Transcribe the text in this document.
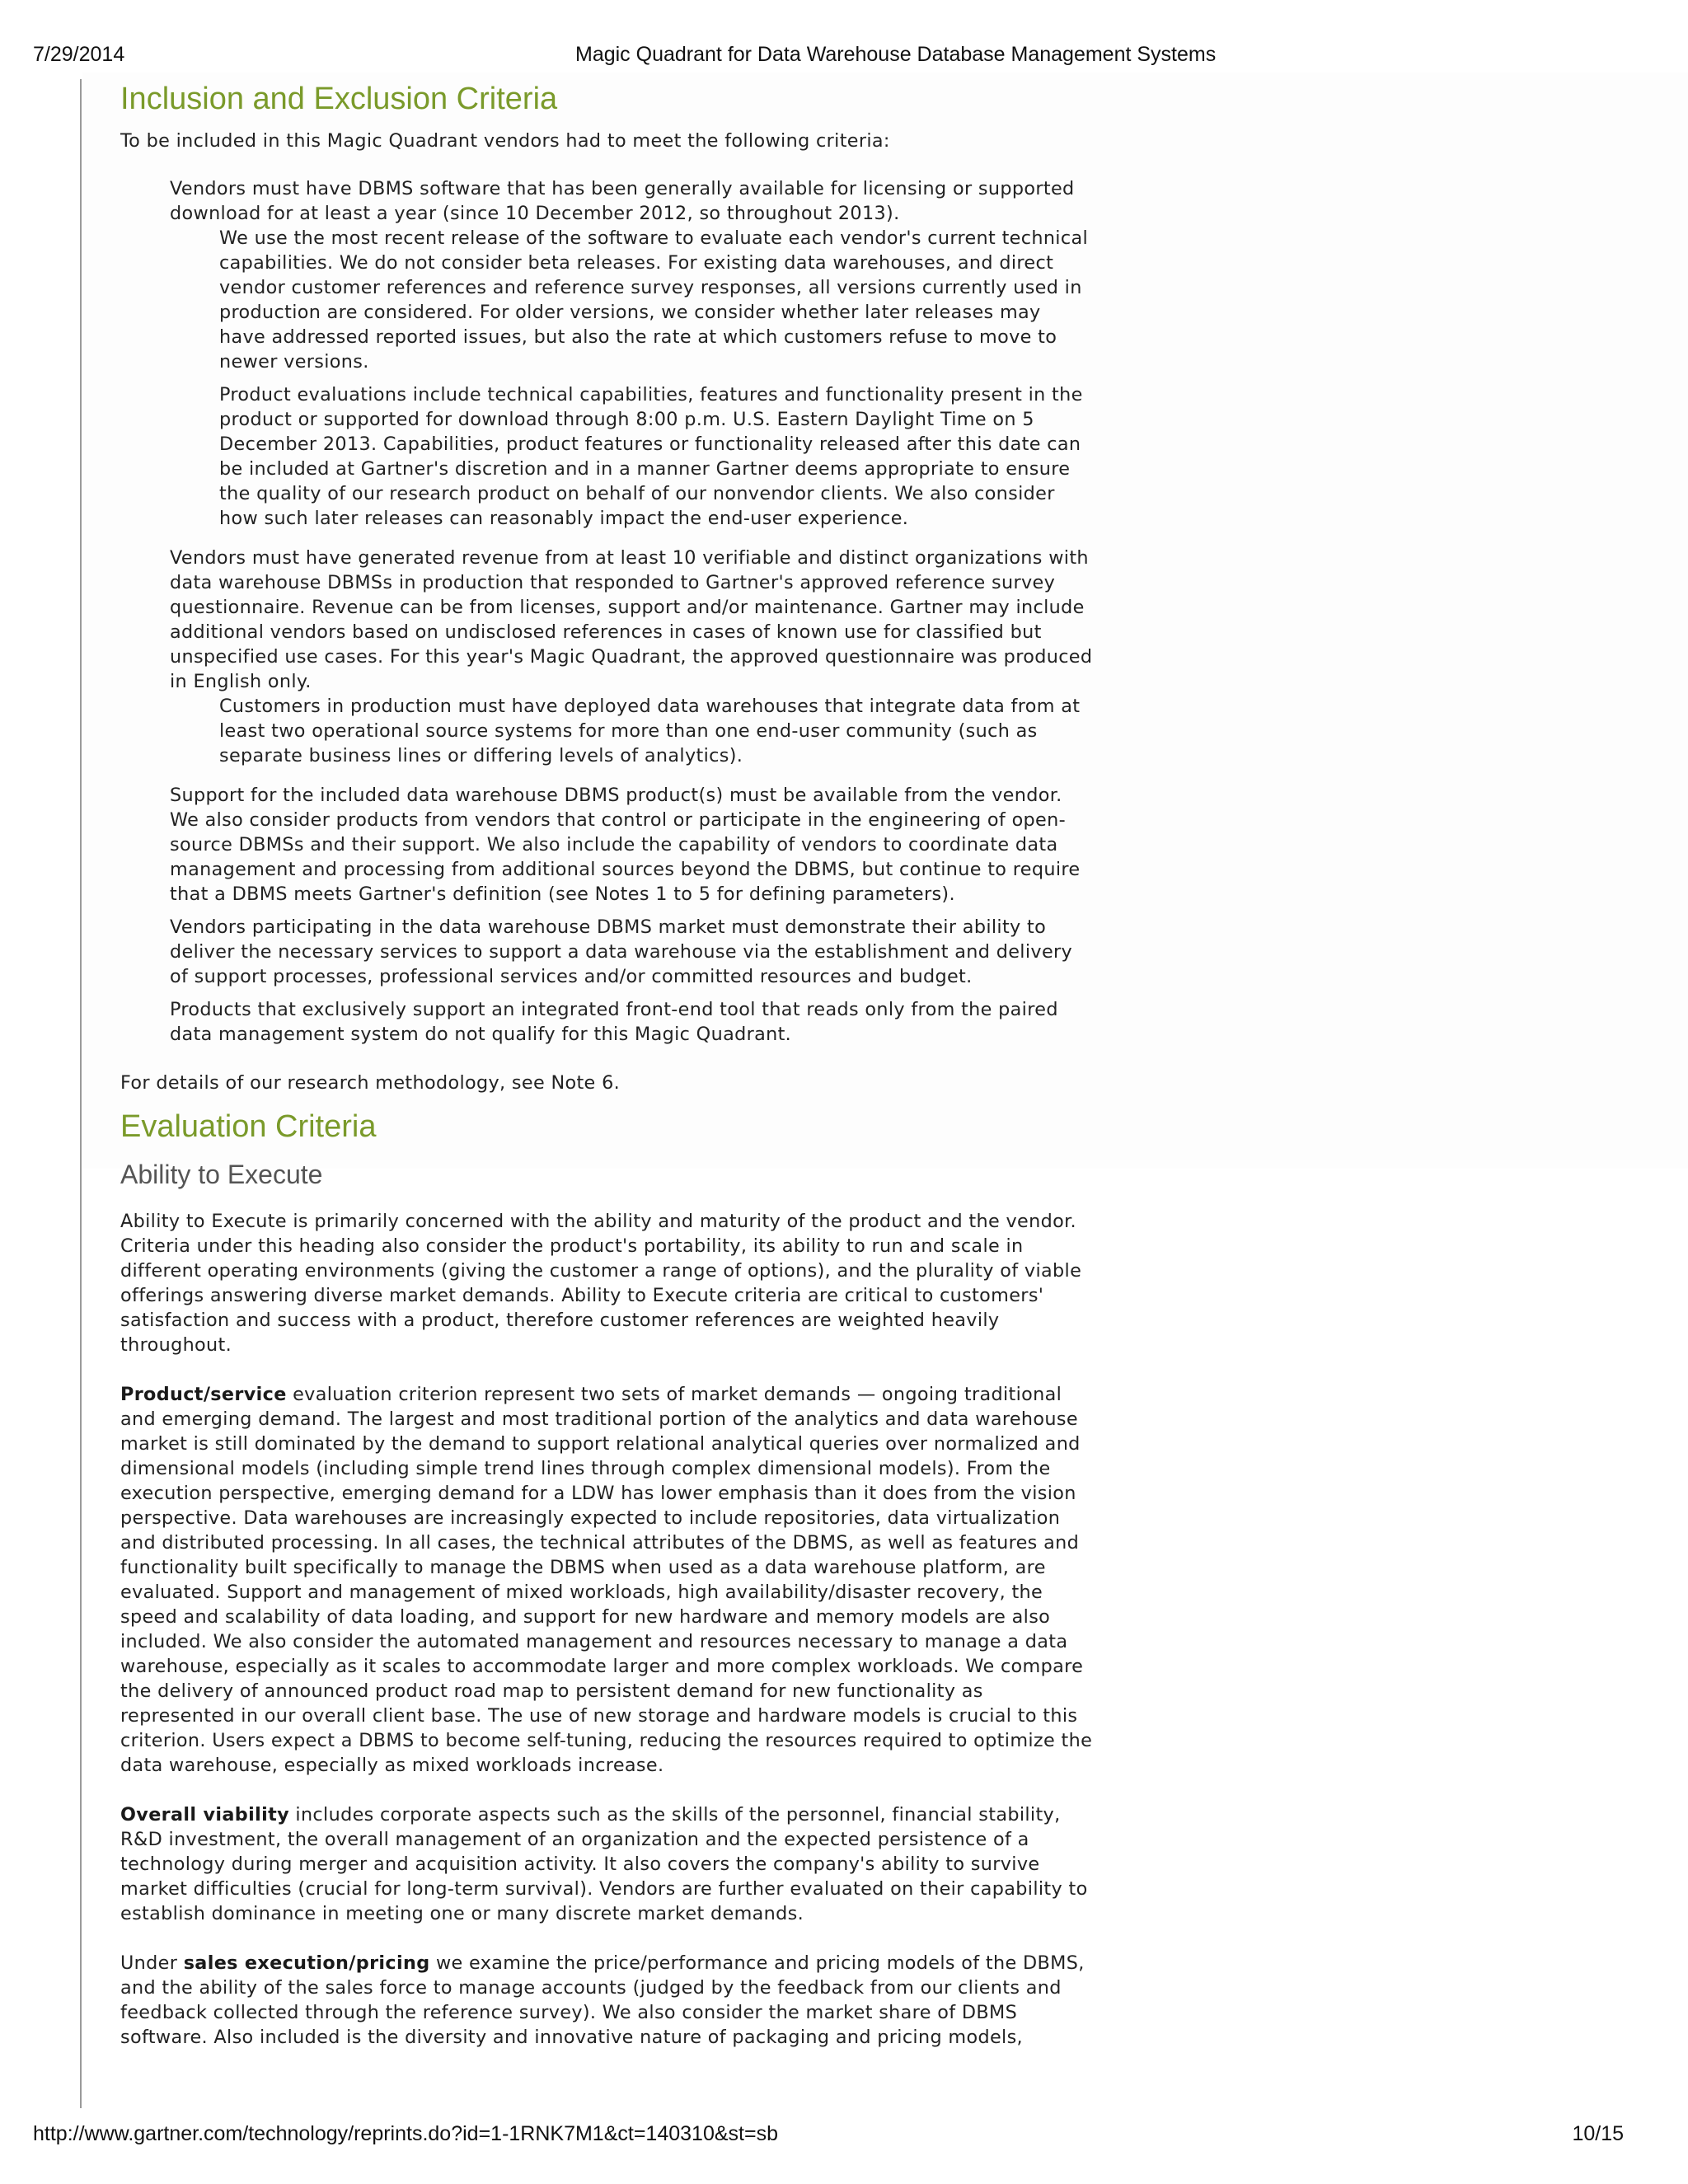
7/29/2014	Magic Quadrant for Data Warehouse Database Management Systems
Inclusion and Exclusion Criteria

To be included in this Magic Quadrant vendors had to meet the following criteria:

Vendors must have DBMS software that has been generally available for licensing or supported download for at least a year (since 10 December 2012, so throughout 2013).

We use the most recent release of the software to evaluate each vendor's current technical capabilities. We do not consider beta releases. For existing data warehouses, and direct vendor customer references and reference survey responses, all versions currently used in production are considered. For older versions, we consider whether later releases may have addressed reported issues, but also the rate at which customers refuse to move to newer versions.

Product evaluations include technical capabilities, features and functionality present in the product or supported for download through 8:00 p.m. U.S. Eastern Daylight Time on 5 December 2013. Capabilities, product features or functionality released after this date can be included at Gartner's discretion and in a manner Gartner deems appropriate to ensure the quality of our research product on behalf of our nonvendor clients. We also consider how such later releases can reasonably impact the end-user experience.

Vendors must have generated revenue from at least 10 verifiable and distinct organizations with data warehouse DBMSs in production that responded to Gartner's approved reference survey questionnaire. Revenue can be from licenses, support and/or maintenance. Gartner may include additional vendors based on undisclosed references in cases of known use for classified but unspecified use cases. For this year's Magic Quadrant, the approved questionnaire was produced in English only.

Customers in production must have deployed data warehouses that integrate data from at least two operational source systems for more than one end-user community (such as separate business lines or differing levels of analytics).

Support for the included data warehouse DBMS product(s) must be available from the vendor. We also consider products from vendors that control or participate in the engineering of open-source DBMSs and their support. We also include the capability of vendors to coordinate data management and processing from additional sources beyond the DBMS, but continue to require that a DBMS meets Gartner's definition (see Notes 1 to 5 for defining parameters).

Vendors participating in the data warehouse DBMS market must demonstrate their ability to deliver the necessary services to support a data warehouse via the establishment and delivery of support processes, professional services and/or committed resources and budget.

Products that exclusively support an integrated front-end tool that reads only from the paired data management system do not qualify for this Magic Quadrant.

For details of our research methodology, see Note 6.

Evaluation Criteria
Ability to Execute

Ability to Execute is primarily concerned with the ability and maturity of the product and the vendor. Criteria under this heading also consider the product's portability, its ability to run and scale in different operating environments (giving the customer a range of options), and the plurality of viable offerings answering diverse market demands. Ability to Execute criteria are critical to customers' satisfaction and success with a product, therefore customer references are weighted heavily throughout.

Product/service evaluation criterion represent two sets of market demands — ongoing traditional and emerging demand. The largest and most traditional portion of the analytics and data warehouse market is still dominated by the demand to support relational analytical queries over normalized and dimensional models (including simple trend lines through complex dimensional models). From the execution perspective, emerging demand for a LDW has lower emphasis than it does from the vision perspective. Data warehouses are increasingly expected to include repositories, data virtualization and distributed processing. In all cases, the technical attributes of the DBMS, as well as features and functionality built specifically to manage the DBMS when used as a data warehouse platform, are evaluated. Support and management of mixed workloads, high availability/disaster recovery, the speed and scalability of data loading, and support for new hardware and memory models are also included. We also consider the automated management and resources necessary to manage a data warehouse, especially as it scales to accommodate larger and more complex workloads. We compare the delivery of announced product road map to persistent demand for new functionality as represented in our overall client base. The use of new storage and hardware models is crucial to this criterion. Users expect a DBMS to become self-tuning, reducing the resources required to optimize the data warehouse, especially as mixed workloads increase.

Overall viability includes corporate aspects such as the skills of the personnel, financial stability, R&D investment, the overall management of an organization and the expected persistence of a technology during merger and acquisition activity. It also covers the company's ability to survive market difficulties (crucial for long-term survival). Vendors are further evaluated on their capability to establish dominance in meeting one or many discrete market demands.

Under sales execution/pricing we examine the price/performance and pricing models of the DBMS, and the ability of the sales force to manage accounts (judged by the feedback from our clients and feedback collected through the reference survey). We also consider the market share of DBMS software. Also included is the diversity and innovative nature of packaging and pricing models,

http://www.gartner.com/technology/reprints.do?id=1-1RNK7M1&ct=140310&st=sb	10/15
